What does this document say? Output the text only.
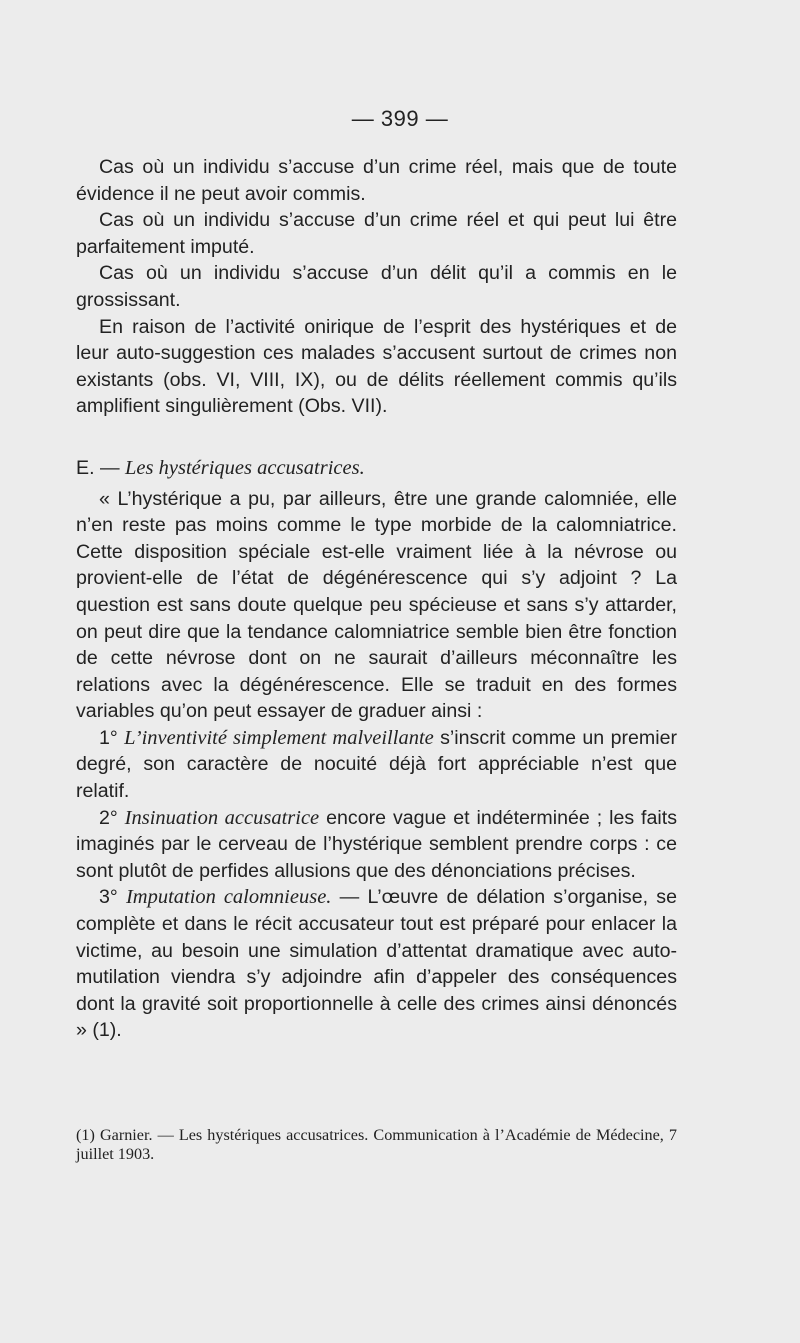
— 399 —

Cas où un individu s’accuse d’un crime réel, mais que de toute évidence il ne peut avoir commis.

Cas où un individu s’accuse d’un crime réel et qui peut lui être parfaitement imputé.

Cas où un individu s’accuse d’un délit qu’il a commis en le grossissant.

En raison de l’activité onirique de l’esprit des hystériques et de leur auto-suggestion ces malades s’accusent surtout de crimes non existants (obs. VI, VIII, IX), ou de délits réellement commis qu’ils amplifient singulièrement (Obs. VII).

E. — Les hystériques accusatrices.

« L’hystérique a pu, par ailleurs, être une grande calomniée, elle n’en reste pas moins comme le type morbide de la calomniatrice. Cette disposition spéciale est-elle vraiment liée à la névrose ou provient-elle de l’état de dégénérescence qui s’y adjoint ? La question est sans doute quelque peu spécieuse et sans s’y attarder, on peut dire que la tendance calomniatrice semble bien être fonction de cette névrose dont on ne saurait d’ailleurs méconnaître les relations avec la dégénérescence. Elle se traduit en des formes variables qu’on peut essayer de graduer ainsi :

1° L’inventivité simplement malveillante s’inscrit comme un premier degré, son caractère de nocuité déjà fort appréciable n’est que relatif.

2° Insinuation accusatrice encore vague et indéterminée ; les faits imaginés par le cerveau de l’hystérique semblent prendre corps : ce sont plutôt de perfides allusions que des dénonciations précises.

3° Imputation calomnieuse. — L’œuvre de délation s’organise, se complète et dans le récit accusateur tout est préparé pour enlacer la victime, au besoin une simulation d’attentat dramatique avec auto-mutilation viendra s’y adjoindre afin d’appeler des conséquences dont la gravité soit proportionnelle à celle des crimes ainsi dénoncés » (1).

(1) Garnier. — Les hystériques accusatrices. Communication à l’Académie de Médecine, 7 juillet 1903.
